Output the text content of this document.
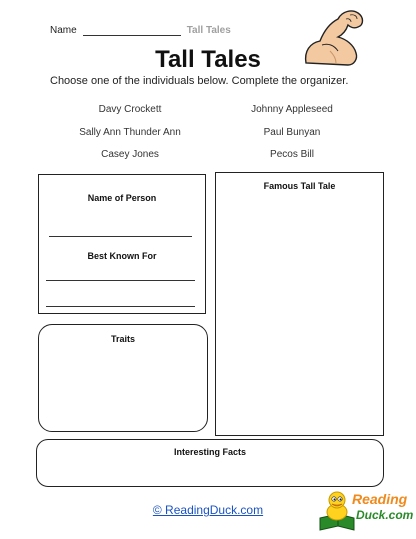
Name	Tall Tales
Tall Tales
Choose one of the individuals below. Complete the organizer.
Davy Crockett
Sally Ann Thunder Ann
Casey Jones
Johnny Appleseed
Paul Bunyan
Pecos Bill
Name of Person
Best Known For
Famous Tall Tale
Traits
Interesting Facts
© ReadingDuck.com
Reading
Duck.com
